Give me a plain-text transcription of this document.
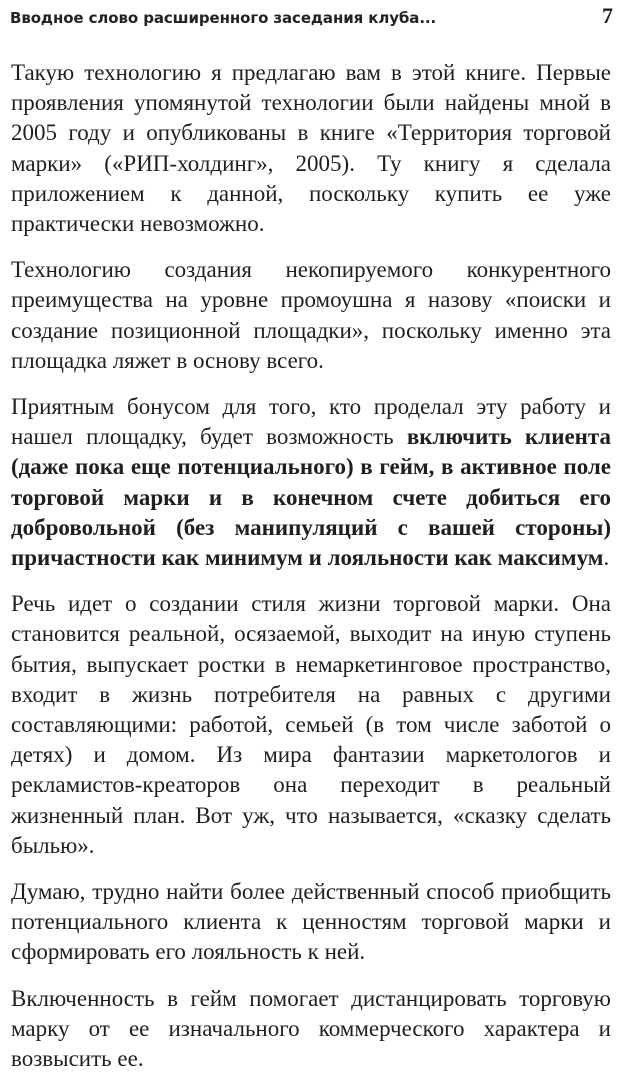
Вводное слово расширенного заседания клуба...	7

Такую технологию я предлагаю вам в этой книге. Первые проявления упомянутой технологии были найдены мной в 2005 году и опубликованы в книге «Территория торговой марки» («РИП-холдинг», 2005). Ту книгу я сделала приложением к данной, поскольку купить ее уже практически невозможно.

Технологию создания некопируемого конкурентного преимущества на уровне промоушна я назову «поиски и создание позиционной площадки», поскольку именно эта площадка ляжет в основу всего.

Приятным бонусом для того, кто проделал эту работу и нашел площадку, будет возможность включить клиента (даже пока еще потенциального) в гейм, в активное поле торговой марки и в конечном счете добиться его добровольной (без манипуляций с вашей стороны) причастности как минимум и лояльности как максимум.

Речь идет о создании стиля жизни торговой марки. Она становится реальной, осязаемой, выходит на иную ступень бытия, выпускает ростки в немаркетинговое пространство, входит в жизнь потребителя на равных с другими составляющими: работой, семьей (в том числе заботой о детях) и домом. Из мира фантазии маркетологов и рекламистов-креаторов она переходит в реальный жизненный план. Вот уж, что называется, «сказку сделать былью».

Думаю, трудно найти более действенный способ приобщить потенциального клиента к ценностям торговой марки и сформировать его лояльность к ней.

Включенность в гейм помогает дистанцировать торговую марку от ее изначального коммерческого характера и возвысить ее.
